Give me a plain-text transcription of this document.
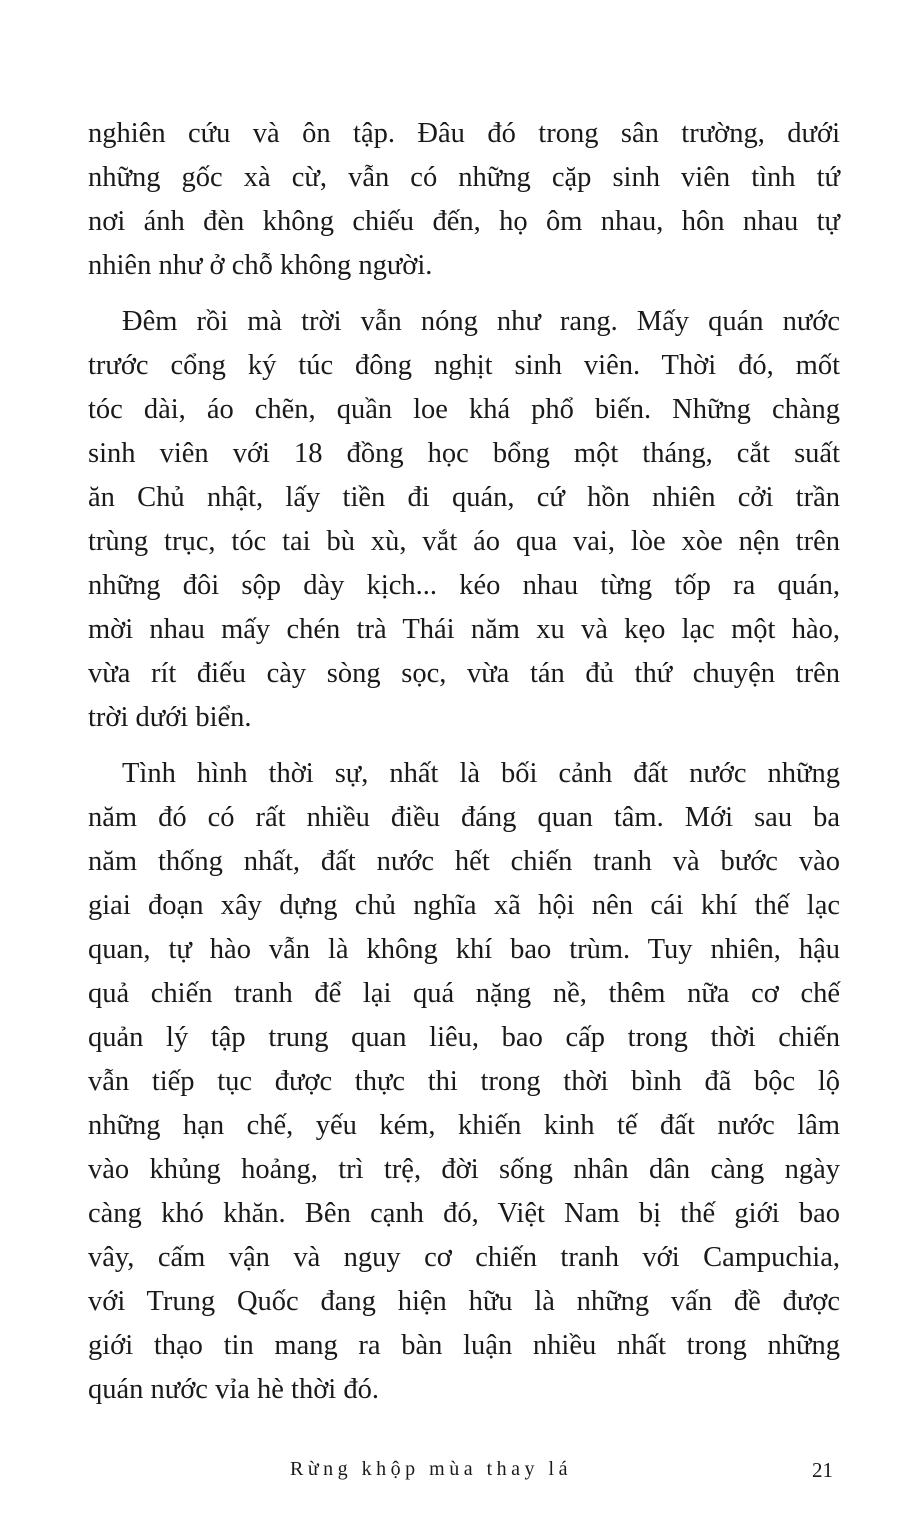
nghiên cứu và ôn tập. Đâu đó trong sân trường, dưới
những gốc xà cừ, vẫn có những cặp sinh viên tình tứ
nơi ánh đèn không chiếu đến, họ ôm nhau, hôn nhau tự
nhiên như ở chỗ không người.

Đêm rồi mà trời vẫn nóng như rang. Mấy quán nước
trước cổng ký túc đông nghịt sinh viên. Thời đó, mốt
tóc dài, áo chẽn, quần loe khá phổ biến. Những chàng
sinh viên với 18 đồng học bổng một tháng, cắt suất
ăn Chủ nhật, lấy tiền đi quán, cứ hồn nhiên cởi trần
trùng trục, tóc tai bù xù, vắt áo qua vai, lòe xòe nện trên
những đôi sộp dày kịch... kéo nhau từng tốp ra quán,
mời nhau mấy chén trà Thái năm xu và kẹo lạc một hào,
vừa rít điếu cày sòng sọc, vừa tán đủ thứ chuyện trên
trời dưới biển.

Tình hình thời sự, nhất là bối cảnh đất nước những
năm đó có rất nhiều điều đáng quan tâm. Mới sau ba
năm thống nhất, đất nước hết chiến tranh và bước vào
giai đoạn xây dựng chủ nghĩa xã hội nên cái khí thế lạc
quan, tự hào vẫn là không khí bao trùm. Tuy nhiên, hậu
quả chiến tranh để lại quá nặng nề, thêm nữa cơ chế
quản lý tập trung quan liêu, bao cấp trong thời chiến
vẫn tiếp tục được thực thi trong thời bình đã bộc lộ
những hạn chế, yếu kém, khiến kinh tế đất nước lâm
vào khủng hoảng, trì trệ, đời sống nhân dân càng ngày
càng khó khăn. Bên cạnh đó, Việt Nam bị thế giới bao
vây, cấm vận và nguy cơ chiến tranh với Campuchia,
với Trung Quốc đang hiện hữu là những vấn đề được
giới thạo tin mang ra bàn luận nhiều nhất trong những
quán nước vỉa hè thời đó.

Rừng khộp mùa thay lá	21
